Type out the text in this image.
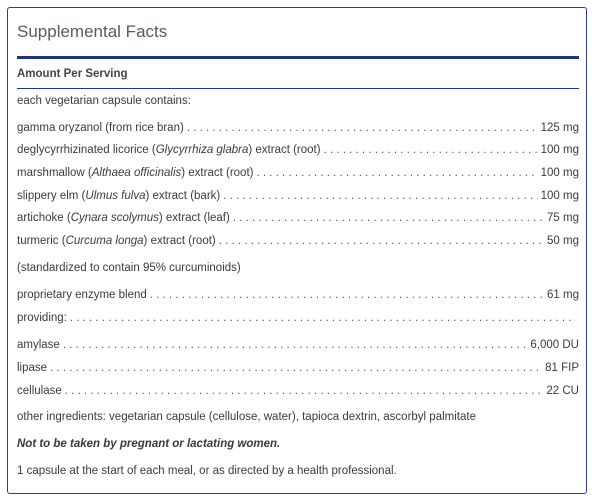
Supplemental Facts
Amount Per Serving
each vegetarian capsule contains:
gamma oryzanol (from rice bran) . . .	125 mg
deglycyrrhizinated licorice (Glycyrrhiza glabra) extract (root) . . .	100 mg
marshmallow (Althaea officinalis) extract (root) . . .	100 mg
slippery elm (Ulmus fulva) extract (bark) . . .	100 mg
artichoke (Cynara scolymus) extract (leaf) . . .	75 mg
turmeric (Curcuma longa) extract (root) . . .	50 mg
(standardized to contain 95% curcuminoids)
proprietary enzyme blend . . .	61 mg
providing:
. . .
amylase . . .	6,000 DU
lipase . . .	81 FIP
cellulase . . .	22 CU
other ingredients: vegetarian capsule (cellulose, water), tapioca dextrin, ascorbyl palmitate
Not to be taken by pregnant or lactating women.
1 capsule at the start of each meal, or as directed by a health professional.
